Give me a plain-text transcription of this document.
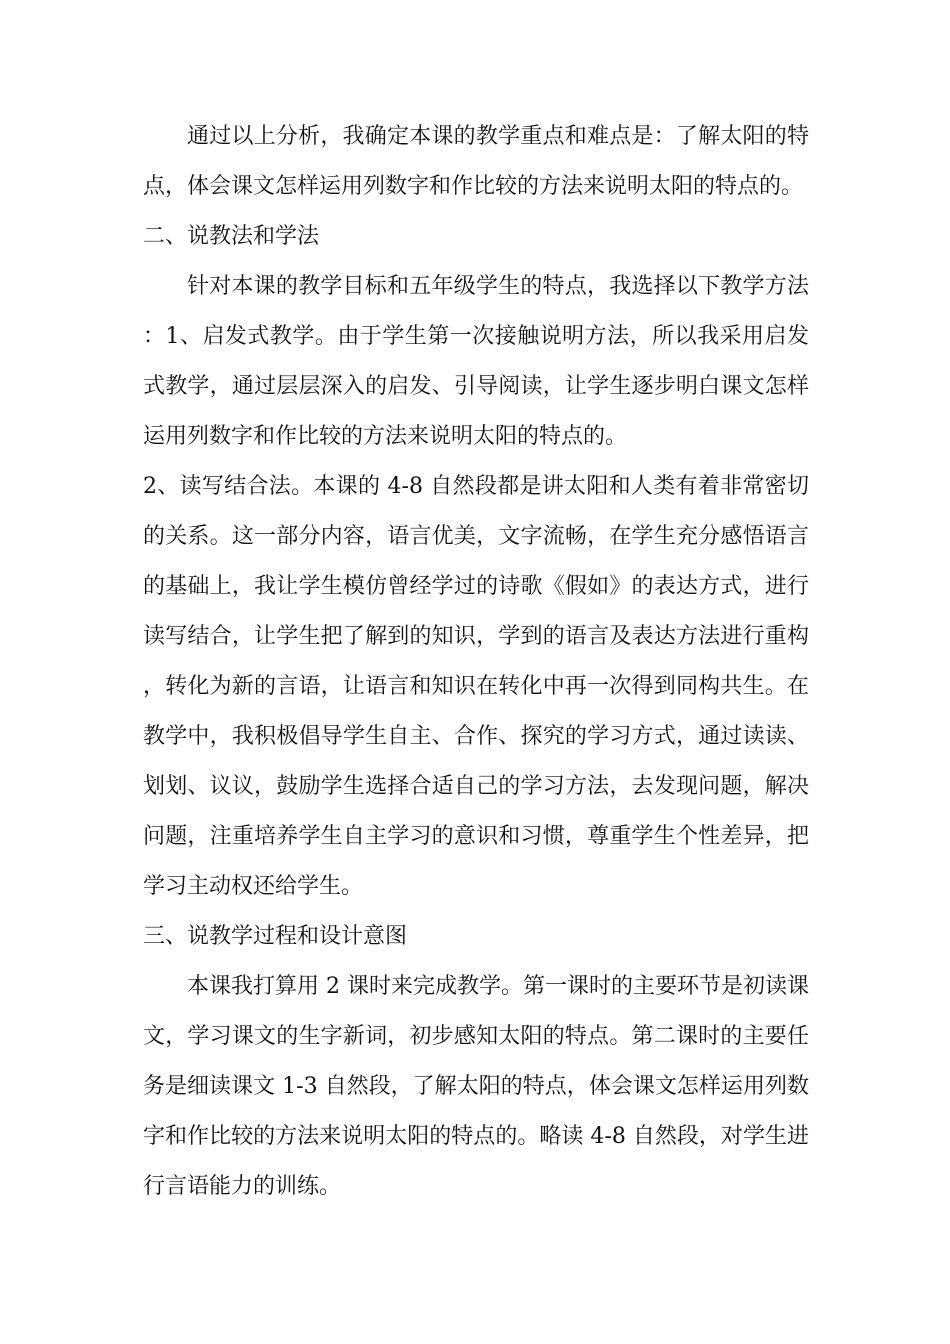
通过以上分析，我确定本课的教学重点和难点是：了解太阳的特点，体会课文怎样运用列数字和作比较的方法来说明太阳的特点的。

二、说教法和学法

针对本课的教学目标和五年级学生的特点，我选择以下教学方法：1、启发式教学。由于学生第一次接触说明方法，所以我采用启发式教学，通过层层深入的启发、引导阅读，让学生逐步明白课文怎样运用列数字和作比较的方法来说明太阳的特点的。

2、读写结合法。本课的 4-8 自然段都是讲太阳和人类有着非常密切的关系。这一部分内容，语言优美，文字流畅，在学生充分感悟语言的基础上，我让学生模仿曾经学过的诗歌《假如》的表达方式，进行读写结合，让学生把了解到的知识，学到的语言及表达方法进行重构，转化为新的言语，让语言和知识在转化中再一次得到同构共生。在教学中，我积极倡导学生自主、合作、探究的学习方式，通过读读、划划、议议，鼓励学生选择合适自己的学习方法，去发现问题，解决问题，注重培养学生自主学习的意识和习惯，尊重学生个性差异，把学习主动权还给学生。

三、说教学过程和设计意图

本课我打算用 2 课时来完成教学。第一课时的主要环节是初读课文，学习课文的生字新词，初步感知太阳的特点。第二课时的主要任务是细读课文 1-3 自然段，了解太阳的特点，体会课文怎样运用列数字和作比较的方法来说明太阳的特点的。略读 4-8 自然段，对学生进行言语能力的训练。
